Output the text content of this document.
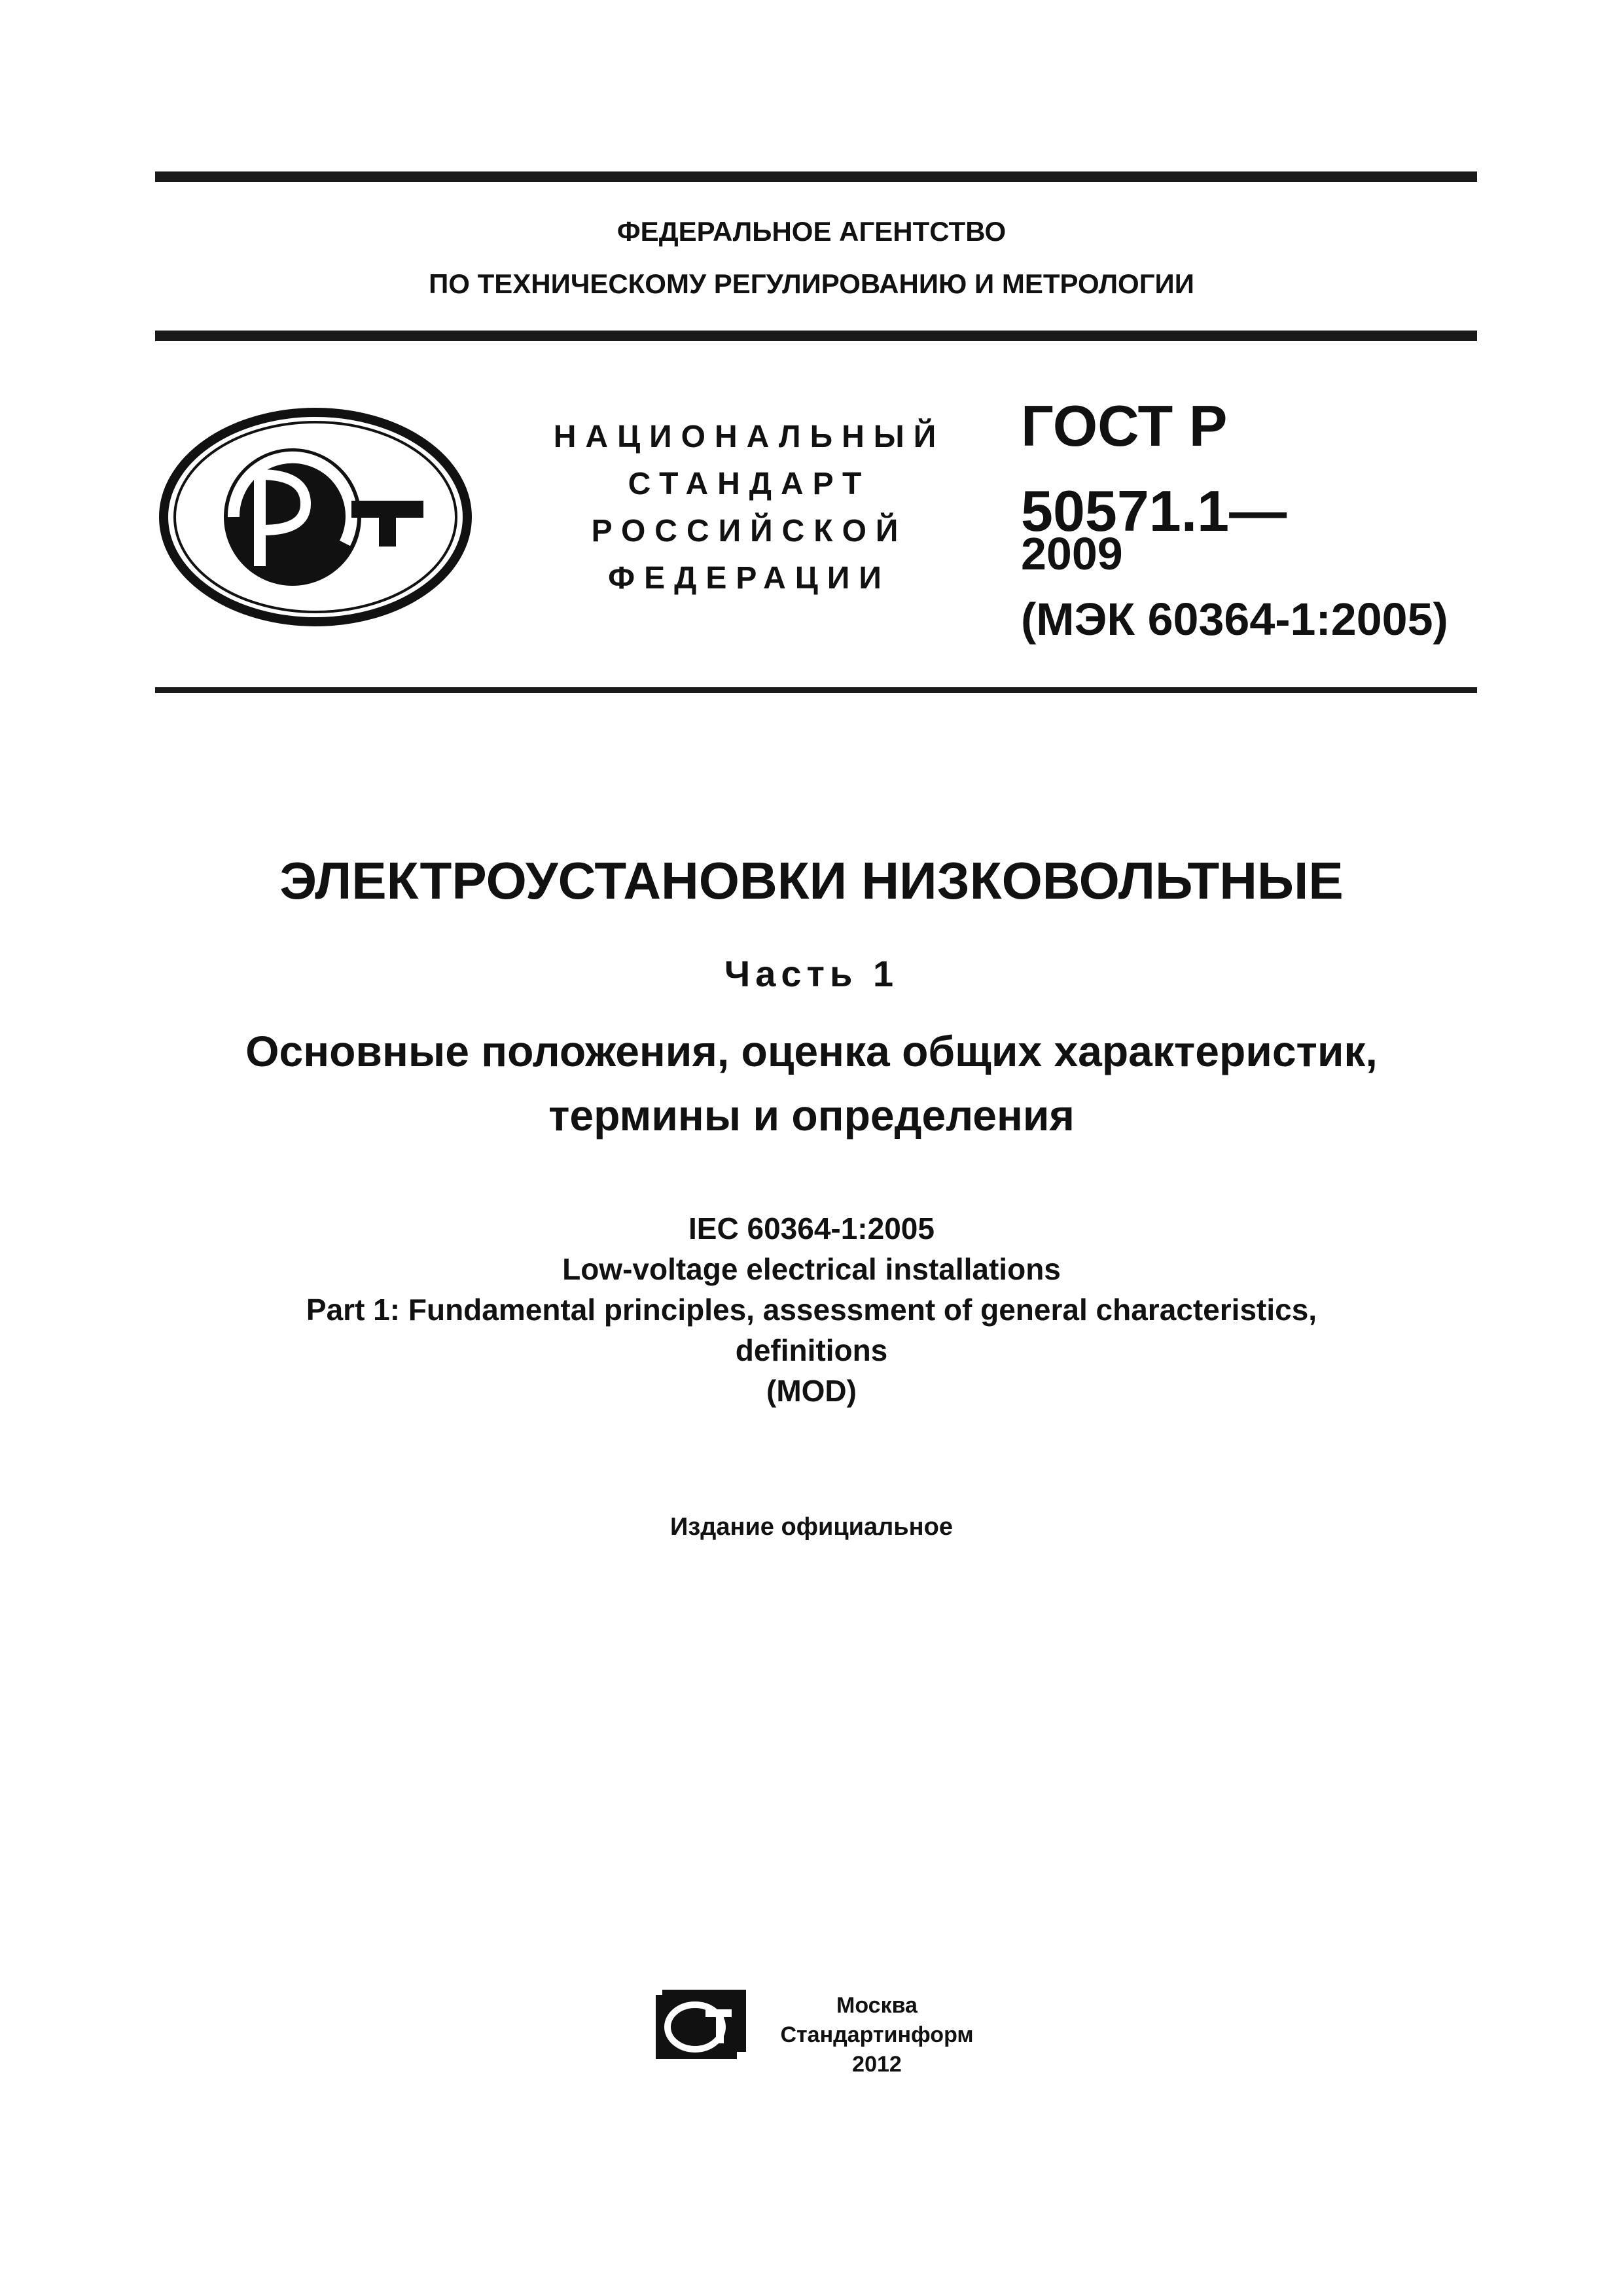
ФЕДЕРАЛЬНОЕ АГЕНТСТВО
ПО ТЕХНИЧЕСКОМУ РЕГУЛИРОВАНИЮ И МЕТРОЛОГИИ
НАЦИОНАЛЬНЫЙ
СТАНДАРТ
РОССИЙСКОЙ
ФЕДЕРАЦИИ
ГОСТ Р
50571.1—
2009
(МЭК 60364-1:2005)
ЭЛЕКТРОУСТАНОВКИ НИЗКОВОЛЬТНЫЕ
Часть 1
Основные положения, оценка общих характеристик,
термины и определения
IEC 60364-1:2005
Low-voltage electrical installations
Part 1: Fundamental principles, assessment of general characteristics,
definitions
(MOD)
Издание официальное
Москва
Стандартинформ
2012
